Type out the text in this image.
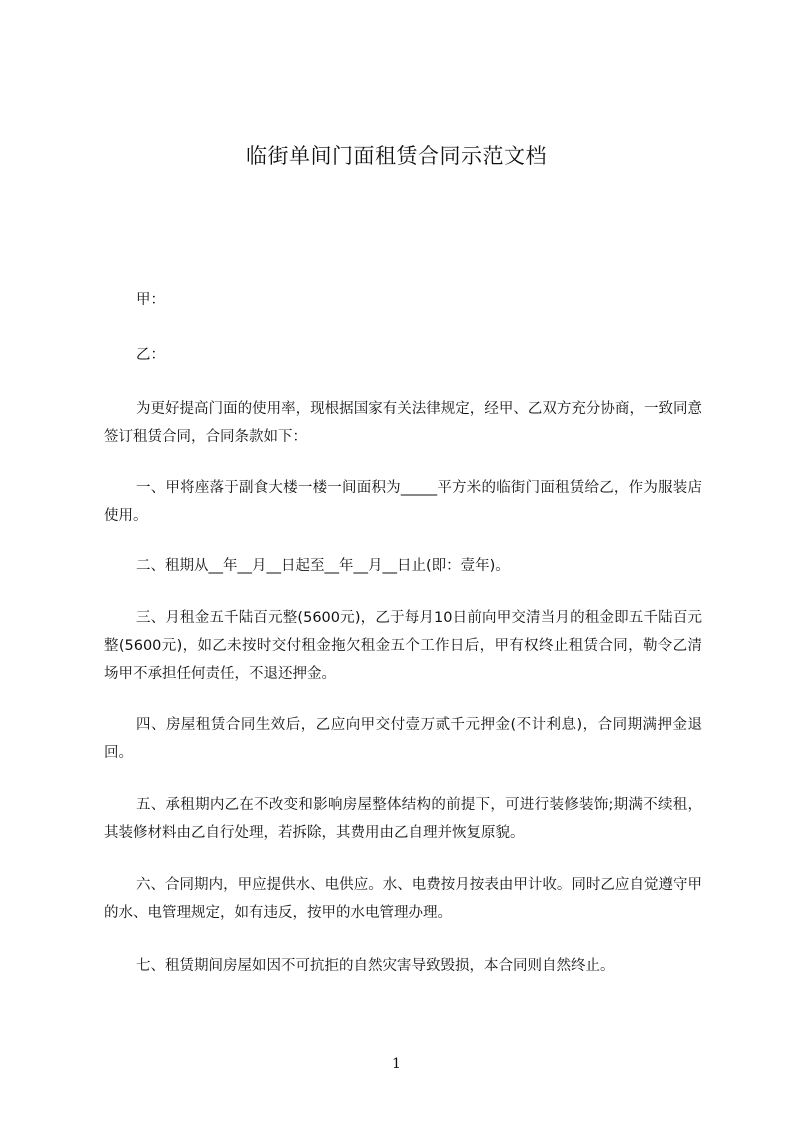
临街单间门面租赁合同示范文档
甲：
乙：
为更好提高门面的使用率，现根据国家有关法律规定，经甲、乙双方充分协商，一致同意签订租赁合同，合同条款如下：
一、甲将座落于副食大楼一楼一间面积为_____平方米的临街门面租赁给乙，作为服装店使用。
二、租期从__年__月__日起至__年__月__日止(即：壹年)。
三、月租金五千陆百元整(5600元)，乙于每月10日前向甲交清当月的租金即五千陆百元整(5600元)，如乙未按时交付租金拖欠租金五个工作日后，甲有权终止租赁合同，勒令乙清场甲不承担任何责任，不退还押金。
四、房屋租赁合同生效后，乙应向甲交付壹万贰千元押金(不计利息)，合同期满押金退回。
五、承租期内乙在不改变和影响房屋整体结构的前提下，可进行装修装饰;期满不续租，其装修材料由乙自行处理，若拆除，其费用由乙自理并恢复原貌。
六、合同期内，甲应提供水、电供应。水、电费按月按表由甲计收。同时乙应自觉遵守甲的水、电管理规定，如有违反，按甲的水电管理办理。
七、租赁期间房屋如因不可抗拒的自然灾害导致毁损，本合同则自然终止。
1
